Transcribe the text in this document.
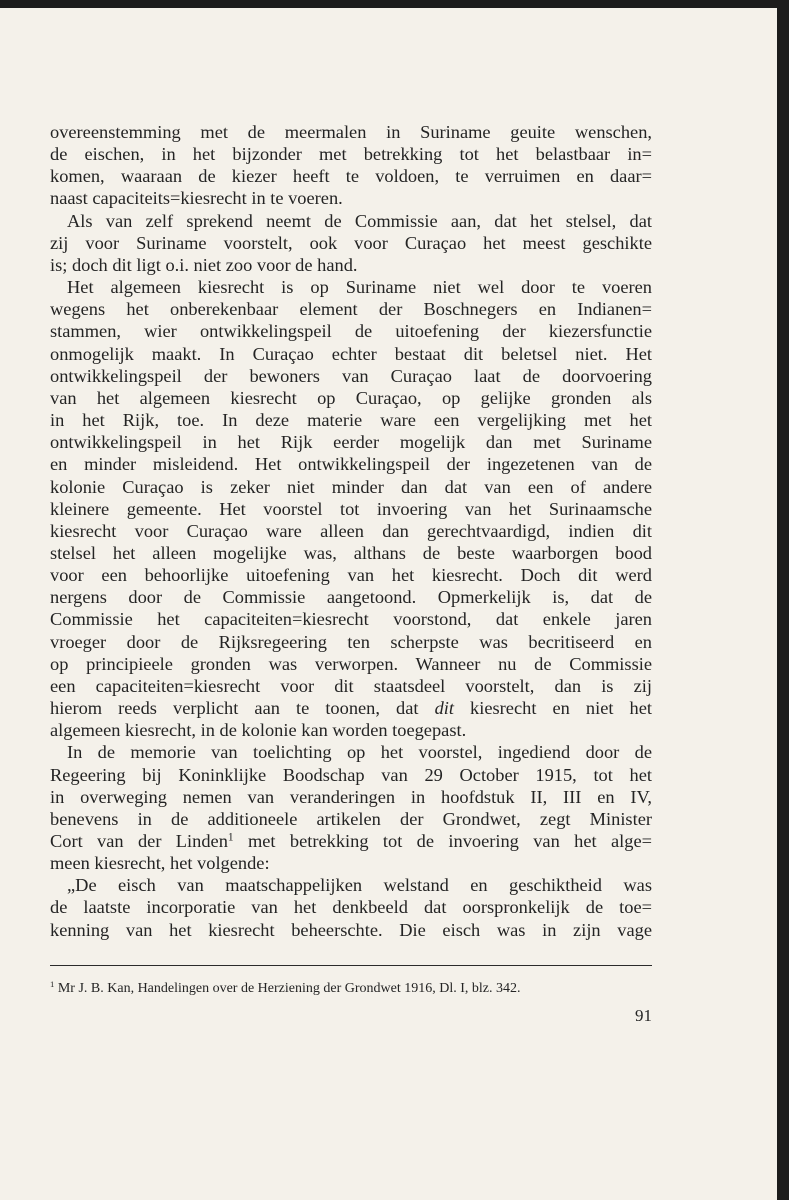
overeenstemming met de meermalen in Suriname geuite wenschen,
de eischen, in het bijzonder met betrekking tot het belastbaar in=
komen, waaraan de kiezer heeft te voldoen, te verruimen en daar=
naast capaciteits=kiesrecht in te voeren.
Als van zelf sprekend neemt de Commissie aan, dat het stelsel, dat
zij voor Suriname voorstelt, ook voor Curaçao het meest geschikte
is; doch dit ligt o.i. niet zoo voor de hand.
Het algemeen kiesrecht is op Suriname niet wel door te voeren
wegens het onberekenbaar element der Boschnegers en Indianen=
stammen, wier ontwikkelingspeil de uitoefening der kiezersfunctie
onmogelijk maakt. In Curaçao echter bestaat dit beletsel niet. Het
ontwikkelingspeil der bewoners van Curaçao laat de doorvoering
van het algemeen kiesrecht op Curaçao, op gelijke gronden als
in het Rijk, toe. In deze materie ware een vergelijking met het
ontwikkelingspeil in het Rijk eerder mogelijk dan met Suriname
en minder misleidend. Het ontwikkelingspeil der ingezetenen van de
kolonie Curaçao is zeker niet minder dan dat van een of andere
kleinere gemeente. Het voorstel tot invoering van het Surinaamsche
kiesrecht voor Curaçao ware alleen dan gerechtvaardigd, indien dit
stelsel het alleen mogelijke was, althans de beste waarborgen bood
voor een behoorlijke uitoefening van het kiesrecht. Doch dit werd
nergens door de Commissie aangetoond. Opmerkelijk is, dat de
Commissie het capaciteiten=kiesrecht voorstond, dat enkele jaren
vroeger door de Rijksregeering ten scherpste was becritiseerd en
op principieele gronden was verworpen. Wanneer nu de Commissie
een capaciteiten=kiesrecht voor dit staatsdeel voorstelt, dan is zij
hierom reeds verplicht aan te toonen, dat dit kiesrecht en niet het
algemeen kiesrecht, in de kolonie kan worden toegepast.
In de memorie van toelichting op het voorstel, ingediend door de
Regeering bij Koninklijke Boodschap van 29 October 1915, tot het
in overweging nemen van veranderingen in hoofdstuk II, III en IV,
benevens in de additioneele artikelen der Grondwet, zegt Minister
Cort van der Linden$^1$ met betrekking tot de invoering van het alge=
meen kiesrecht, het volgende:
„De eisch van maatschappelijken welstand en geschiktheid was
de laatste incorporatie van het denkbeeld dat oorspronkelijk de toe=
kenning van het kiesrecht beheerschte. Die eisch was in zijn vage
$^1$ Mr J. B. Kan, Handelingen over de Herziening der Grondwet 1916, Dl. I, blz. 342.
91
